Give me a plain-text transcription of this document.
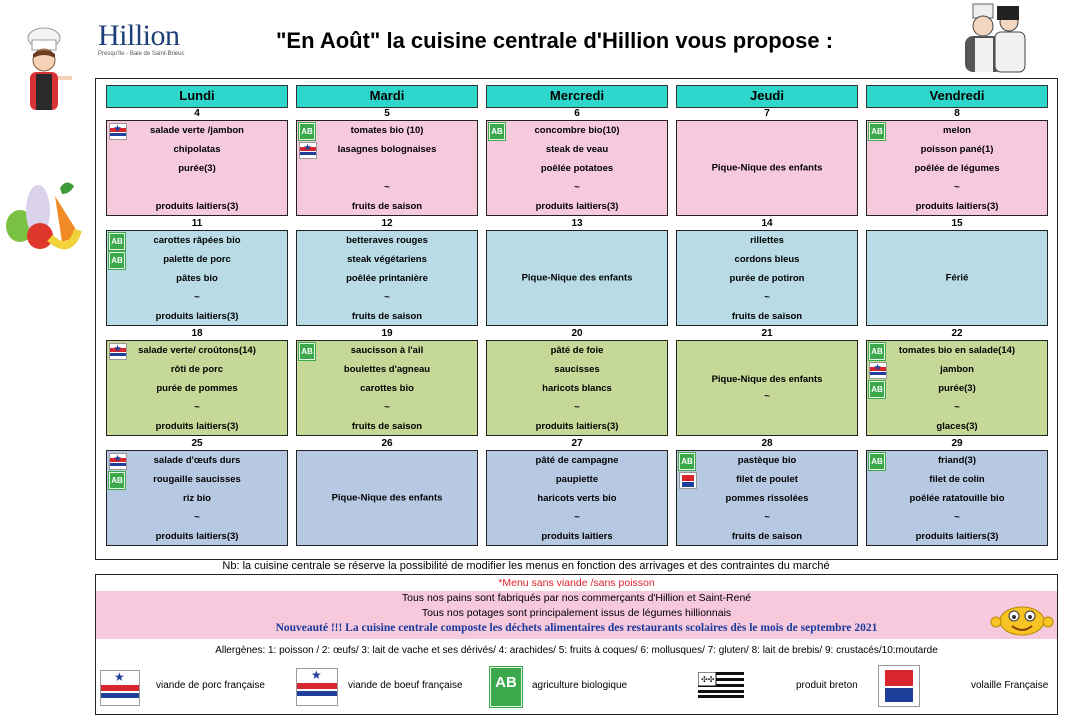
Hillion
Presqu'île - Baie de Saint-Brieuc
"En Août" la cuisine centrale d'Hillion vous propose :
Lundi	Mardi	Mercredi	Jeudi	Vendredi
4
salade verte /jambon
chipolatas
purée(3)
produits laitiers(3)
★
5
tomates bio (10)
lasagnes bolognaises
~
fruits de saison
AB
★
6
concombre bio(10)
steak de veau
poêlée potatoes
~
produits laitiers(3)
AB
7
Pique-Nique des enfants
8
melon
poisson pané(1)
poêlée de légumes
~
produits laitiers(3)
AB
11
carottes râpées bio
palette de porc
pâtes bio
~
produits laitiers(3)
AB
AB
12
betteraves rouges
steak végétariens
poêlée printanière
~
fruits de saison
13
Pique-Nique des enfants
14
rillettes
cordons bleus
purée de potiron
~
fruits de saison
15
Férié
18
salade verte/ croûtons(14)
rôti de porc
purée de pommes
~
produits laitiers(3)
★
19
saucisson à l'ail
boulettes d'agneau
carottes bio
~
fruits de saison
AB
20
pâté de foie
saucisses
haricots blancs
~
produits laitiers(3)
21
Pique-Nique des enfants
~
22
tomates bio en salade(14)
jambon
purée(3)
~
glaces(3)
AB
★
AB
25
salade d'œufs durs
rougaille saucisses
riz bio
~
produits laitiers(3)
★
AB
26
Pique-Nique des enfants
27
pâté de campagne
paupiette
haricots verts bio
~
produits laitiers
28
pastèque bio
filet de poulet
pommes rissolées
~
fruits de saison
AB
29
friand(3)
filet de colin
poêlée ratatouille bio
~
produits laitiers(3)
AB
Nb: la cuisine centrale se réserve la possibilité de modifier les menus en fonction des arrivages et des contraintes du marché
*Menu sans viande /sans poisson
Tous nos pains sont fabriqués par nos commerçants d'Hillion et Saint-René
Tous nos potages sont principalement issus de légumes hillionnais
Nouveauté !!! La cuisine centrale composte les déchets alimentaires des restaurants scolaires dès le mois de septembre 2021
Allergènes: 1: poisson / 2: œufs/ 3: lait de vache et ses dérivés/ 4: arachides/ 5: fruits à coques/ 6: mollusques/ 7: gluten/ 8: lait de brebis/ 9: crustacés/10:moutarde
★
viande de porc française
★
viande de boeuf française	AB	agriculture biologique
✣✣
produit breton	volaille Française
